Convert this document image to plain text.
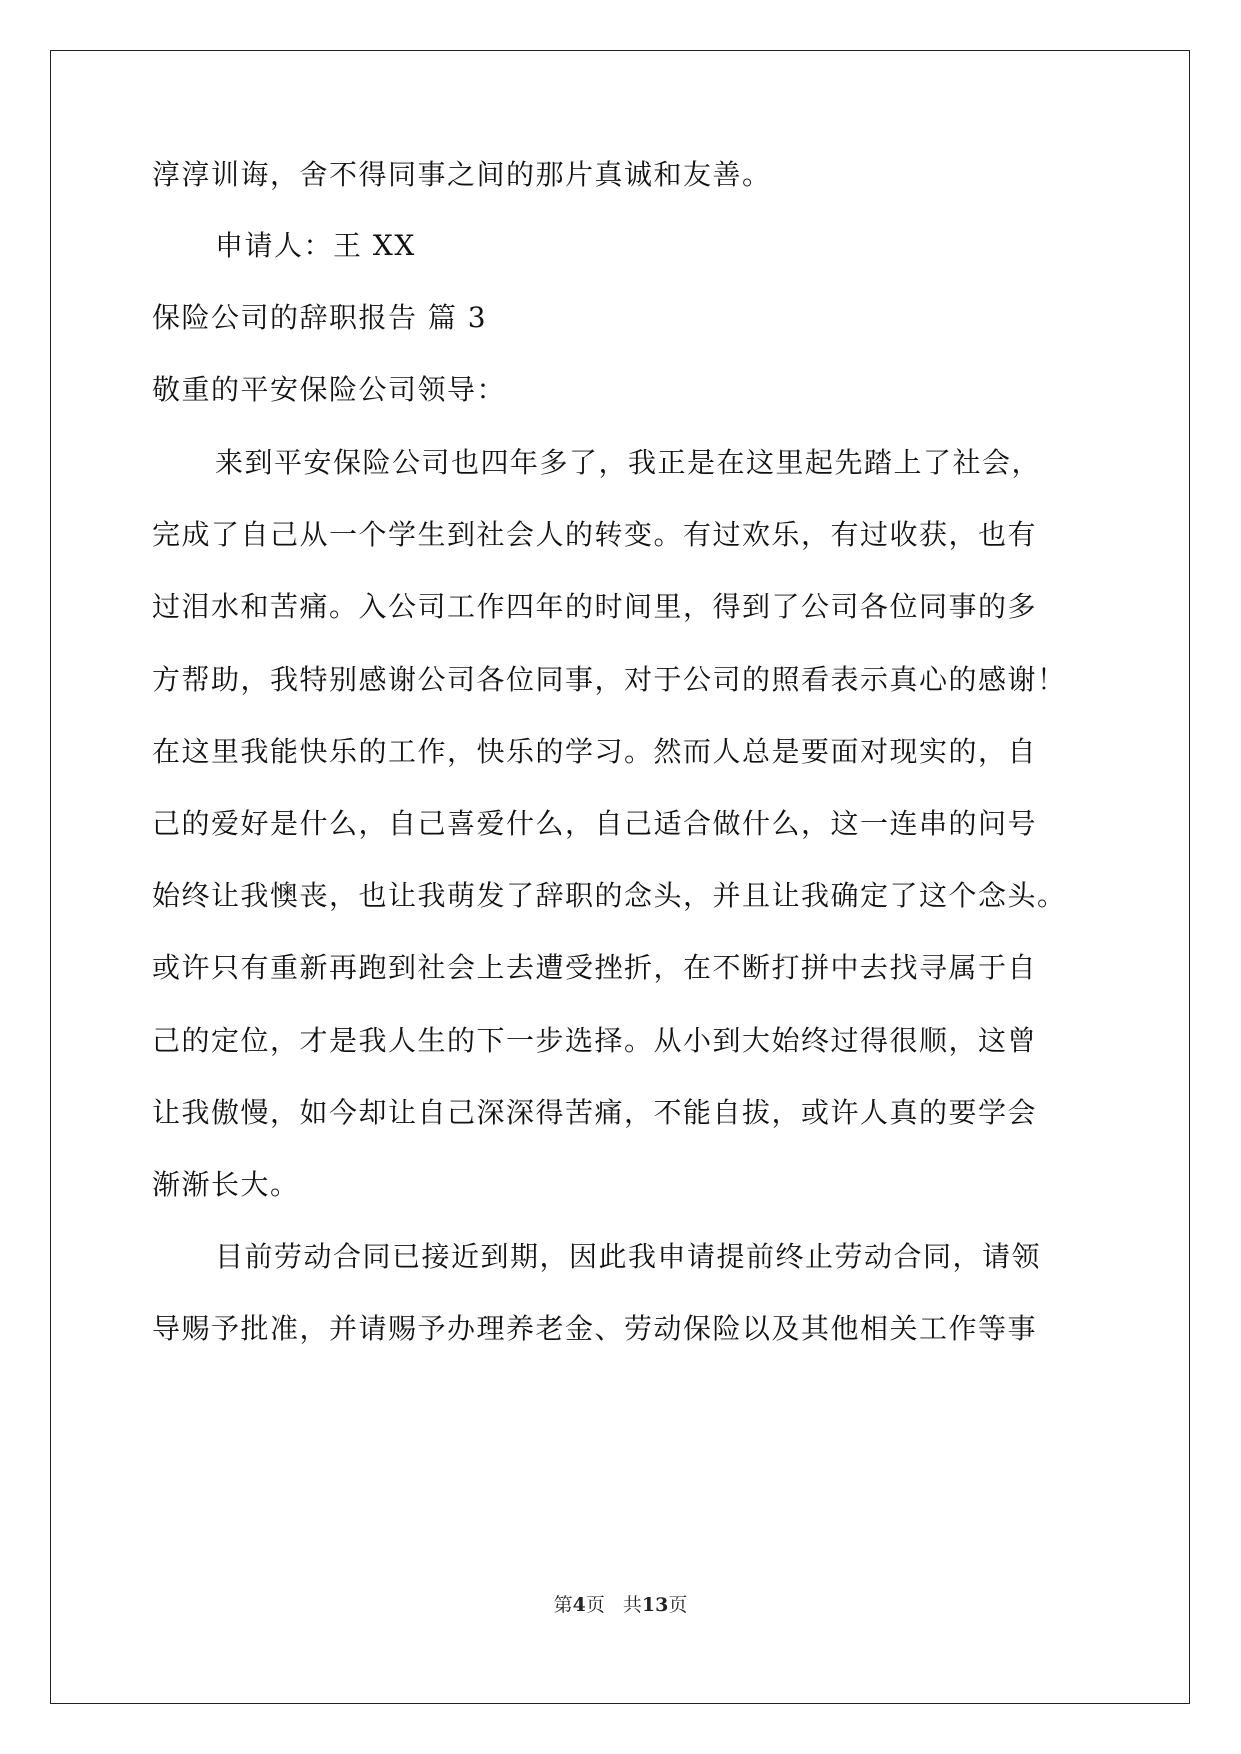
淳淳训诲，舍不得同事之间的那片真诚和友善。
申请人：王 XX
保险公司的辞职报告 篇 3
敬重的平安保险公司领导：
来到平安保险公司也四年多了，我正是在这里起先踏上了社会，
完成了自己从一个学生到社会人的转变。有过欢乐，有过收获，也有
过泪水和苦痛。入公司工作四年的时间里，得到了公司各位同事的多
方帮助，我特别感谢公司各位同事，对于公司的照看表示真心的感谢！
在这里我能快乐的工作，快乐的学习。然而人总是要面对现实的，自
己的爱好是什么，自己喜爱什么，自己适合做什么，这一连串的问号
始终让我懊丧，也让我萌发了辞职的念头，并且让我确定了这个念头。
或许只有重新再跑到社会上去遭受挫折，在不断打拼中去找寻属于自
己的定位，才是我人生的下一步选择。从小到大始终过得很顺，这曾
让我傲慢，如今却让自己深深得苦痛，不能自拔，或许人真的要学会
渐渐长大。
目前劳动合同已接近到期，因此我申请提前终止劳动合同，请领
导赐予批准，并请赐予办理养老金、劳动保险以及其他相关工作等事
第4页 共13页
